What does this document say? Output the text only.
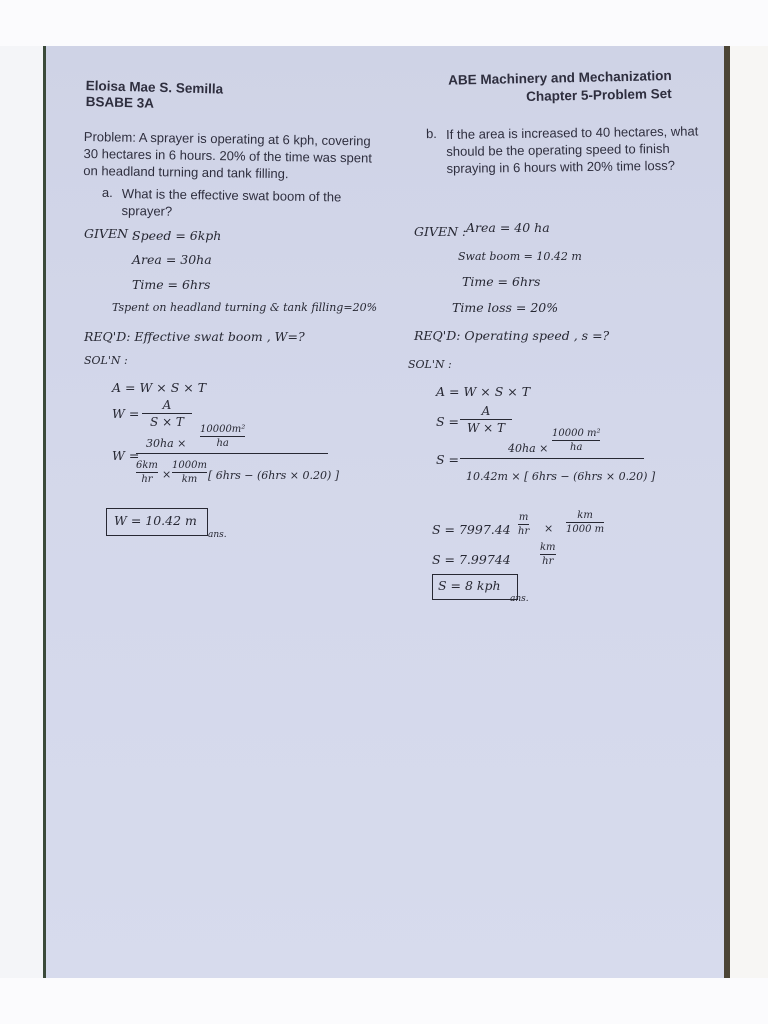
Eloisa Mae S. Semilla
BSABE 3A
ABE Machinery and Mechanization
Chapter 5-Problem Set
Problem: A sprayer is operating at 6 kph, covering 30 hectares in 6 hours. 20% of the time was spent on headland turning and tank filling.
a. What is the effective swat boom of the sprayer?
b. If the area is increased to 40 hectares, what should be the operating speed to finish spraying in 6 hours with 20% time loss?
GIVEN :
Speed = 6kph
Area = 30ha
Time = 6hrs
Tspent on headland turning & tank filling=20%
REQ'D: Effective swat boom , W=?
SOL'N :
A = W × S × T
W =
A
S × T
W =
30ha ×
10000m²
ha
6km
hr ×
1000m
km [ 6hrs − (6hrs × 0.20) ]
W = 10.42 m
ans.
GIVEN : Area = 40 ha
Swat boom = 10.42 m
Time = 6hrs
Time loss = 20%
REQ'D: Operating speed , s =?
SOL'N :
A = W × S × T
S =
A
W × T
S =
40ha ×
10000 m²
ha
10.42m × [ 6hrs − (6hrs × 0.20) ]
S = 7997.44
m
hr ×
km
1000 m
S = 7.99744
km
hr
S = 8 kph
ans.
